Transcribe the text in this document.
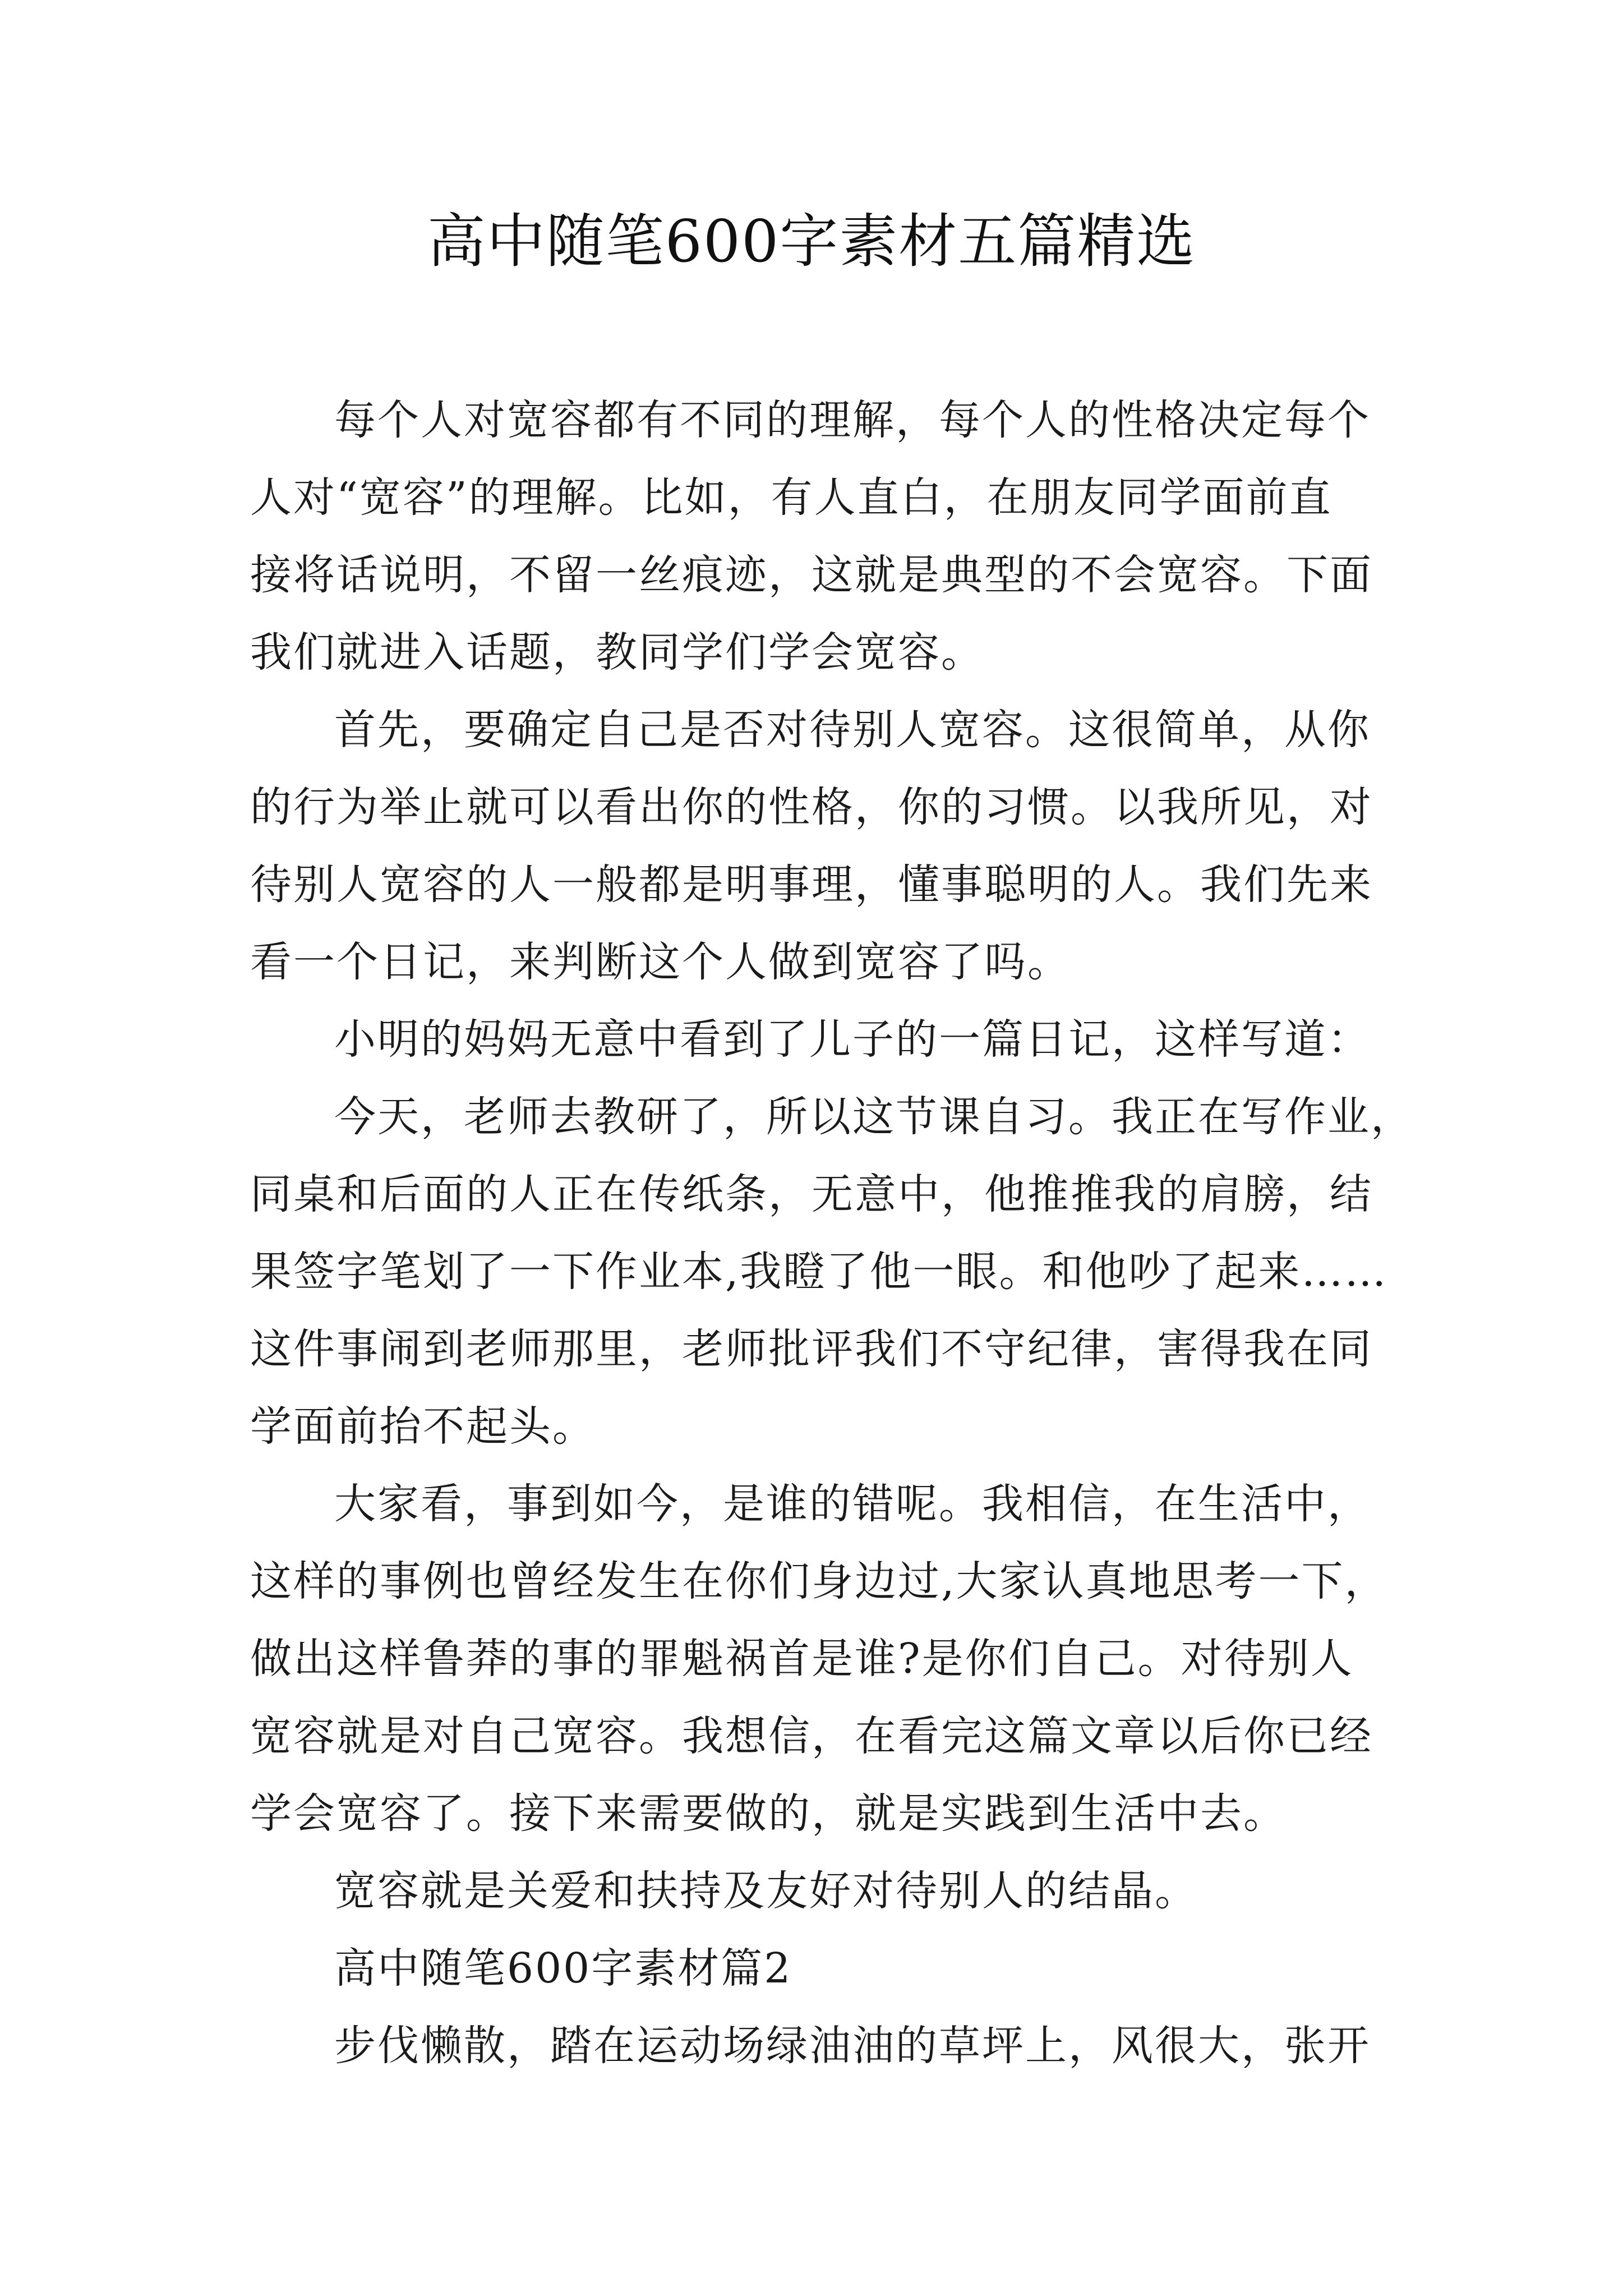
高中随笔600字素材五篇精选
每个人对宽容都有不同的理解，每个人的性格决定每个
人对“宽容”的理解。比如，有人直白，在朋友同学面前直
接将话说明，不留一丝痕迹，这就是典型的不会宽容。下面
我们就进入话题，教同学们学会宽容。
首先，要确定自己是否对待别人宽容。这很简单，从你
的行为举止就可以看出你的性格，你的习惯。以我所见，对
待别人宽容的人一般都是明事理，懂事聪明的人。我们先来
看一个日记，来判断这个人做到宽容了吗。
小明的妈妈无意中看到了儿子的一篇日记，这样写道：
今天，老师去教研了，所以这节课自习。我正在写作业，
同桌和后面的人正在传纸条，无意中，他推推我的肩膀，结
果签字笔划了一下作业本,我瞪了他一眼。和他吵了起来……
这件事闹到老师那里，老师批评我们不守纪律，害得我在同
学面前抬不起头。
大家看，事到如今，是谁的错呢。我相信，在生活中，
这样的事例也曾经发生在你们身边过,大家认真地思考一下，
做出这样鲁莽的事的罪魁祸首是谁?是你们自己。对待别人
宽容就是对自己宽容。我想信，在看完这篇文章以后你已经
学会宽容了。接下来需要做的，就是实践到生活中去。
宽容就是关爱和扶持及友好对待别人的结晶。
高中随笔600字素材篇2
步伐懒散，踏在运动场绿油油的草坪上，风很大，张开
